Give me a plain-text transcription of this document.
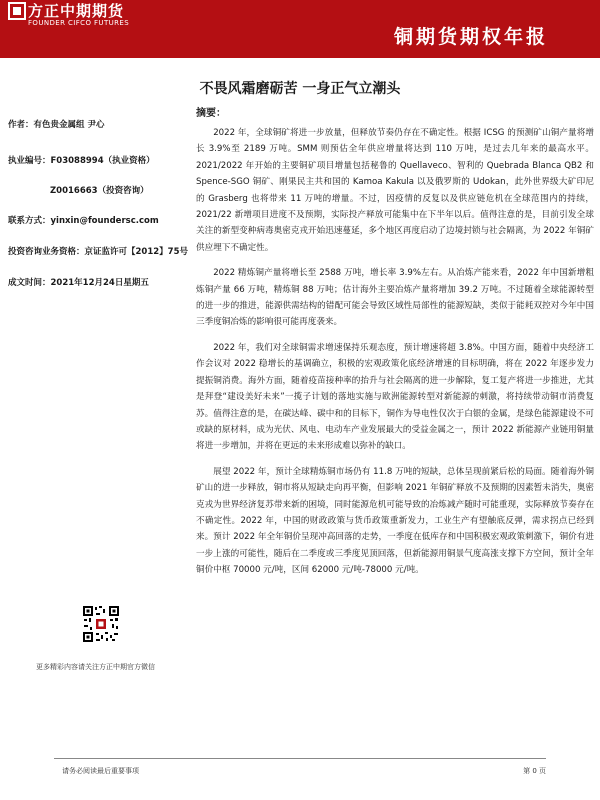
方正中期期货
FOUNDER CIFCO FUTURES
铜期货期权年报
不畏风霜磨砺苦 一身正气立潮头
作者：有色贵金属组 尹心
执业编号：F03088994（执业资格）
Z0016663（投资咨询）
联系方式：yinxin@foundersc.com
投资咨询业务资格：京证监许可【2012】75号
成文时间：2021年12月24日星期五
更多精彩内容请关注方正中期官方微信
摘要：

2022 年，全球铜矿将进一步放量，但释放节奏仍存在不确定性。根据 ICSG 的预测矿山铜产量将增长 3.9%至 2189 万吨。SMM 则预估全年供应增量将达到 110 万吨，是过去几年来的最高水平。2021/2022 年开始的主要铜矿项目增量包括秘鲁的 Quellaveco、智利的 Quebrada Blanca QB2 和 Spence-SGO 铜矿、刚果民主共和国的 Kamoa Kakula 以及俄罗斯的 Udokan，此外世界级大矿印尼的 Grasberg 也将带来 11 万吨的增量。不过，因疫情的反复以及供应链危机在全球范围内的持续，2021/22 新增项目进度不及预期，实际投产释放可能集中在下半年以后。值得注意的是，目前引发全球关注的新型变种病毒奥密克戎开始迅速蔓延，多个地区再度启动了边境封锁与社会隔离，为 2022 年铜矿供应埋下不确定性。

2022 精炼铜产量将增长至 2588 万吨，增长率 3.9%左右。从冶炼产能来看，2022 年中国新增粗炼铜产量 66 万吨，精炼铜 88 万吨；估计海外主要冶炼产量将增加 39.2 万吨。不过随着全球能源转型的进一步的推进，能源供需结构的错配可能会导致区域性局部性的能源短缺，类似于能耗双控对今年中国三季度铜冶炼的影响很可能再度袭来。

2022 年，我们对全球铜需求增速保持乐观态度，预计增速将超 3.8%。中国方面，随着中央经济工作会议对 2022 稳增长的基调确立，积极的宏观政策化底经济增速的目标明确，将在 2022 年逐步发力提振铜消费。海外方面，随着疫苗接种率的抬升与社会隔离的进一步解除，复工复产将进一步推进，尤其是拜登“建设美好未来”一揽子计划的落地实施与欧洲能源转型对新能源的刺激，将持续带动铜市消费复苏。值得注意的是，在碳达峰、碳中和的目标下，铜作为导电性仅次于白银的金属，是绿色能源建设不可或缺的原材料，成为光伏、风电、电动车产业发展最大的受益金属之一，预计 2022 新能源产业链用铜量将进一步增加，并将在更远的未来形成难以弥补的缺口。

展望 2022 年，预计全球精炼铜市场仍有 11.8 万吨的短缺，总体呈现前紧后松的局面。随着海外铜矿山的进一步释放，铜市将从短缺走向再平衡，但影响 2021 年铜矿释放不及预期的因素暂未消失，奥密克戎为世界经济复苏带来新的困境，同时能源危机可能导致的冶炼减产随时可能重现，实际释放节奏存在不确定性。2022 年，中国的财政政策与货币政策重新发力，工业生产有望触底反弹，需求拐点已经到来。预计 2022 年全年铜价呈现冲高回落的走势，一季度在低库存和中国积极宏观政策刺激下，铜价有进一步上涨的可能性，随后在二季度或三季度见顶回落，但新能源用铜景气度高涨支撑下方空间，预计全年铜价中枢 70000 元/吨，区间 62000 元/吨-78000 元/吨。

请务必阅读最后重要事项	第 0 页
